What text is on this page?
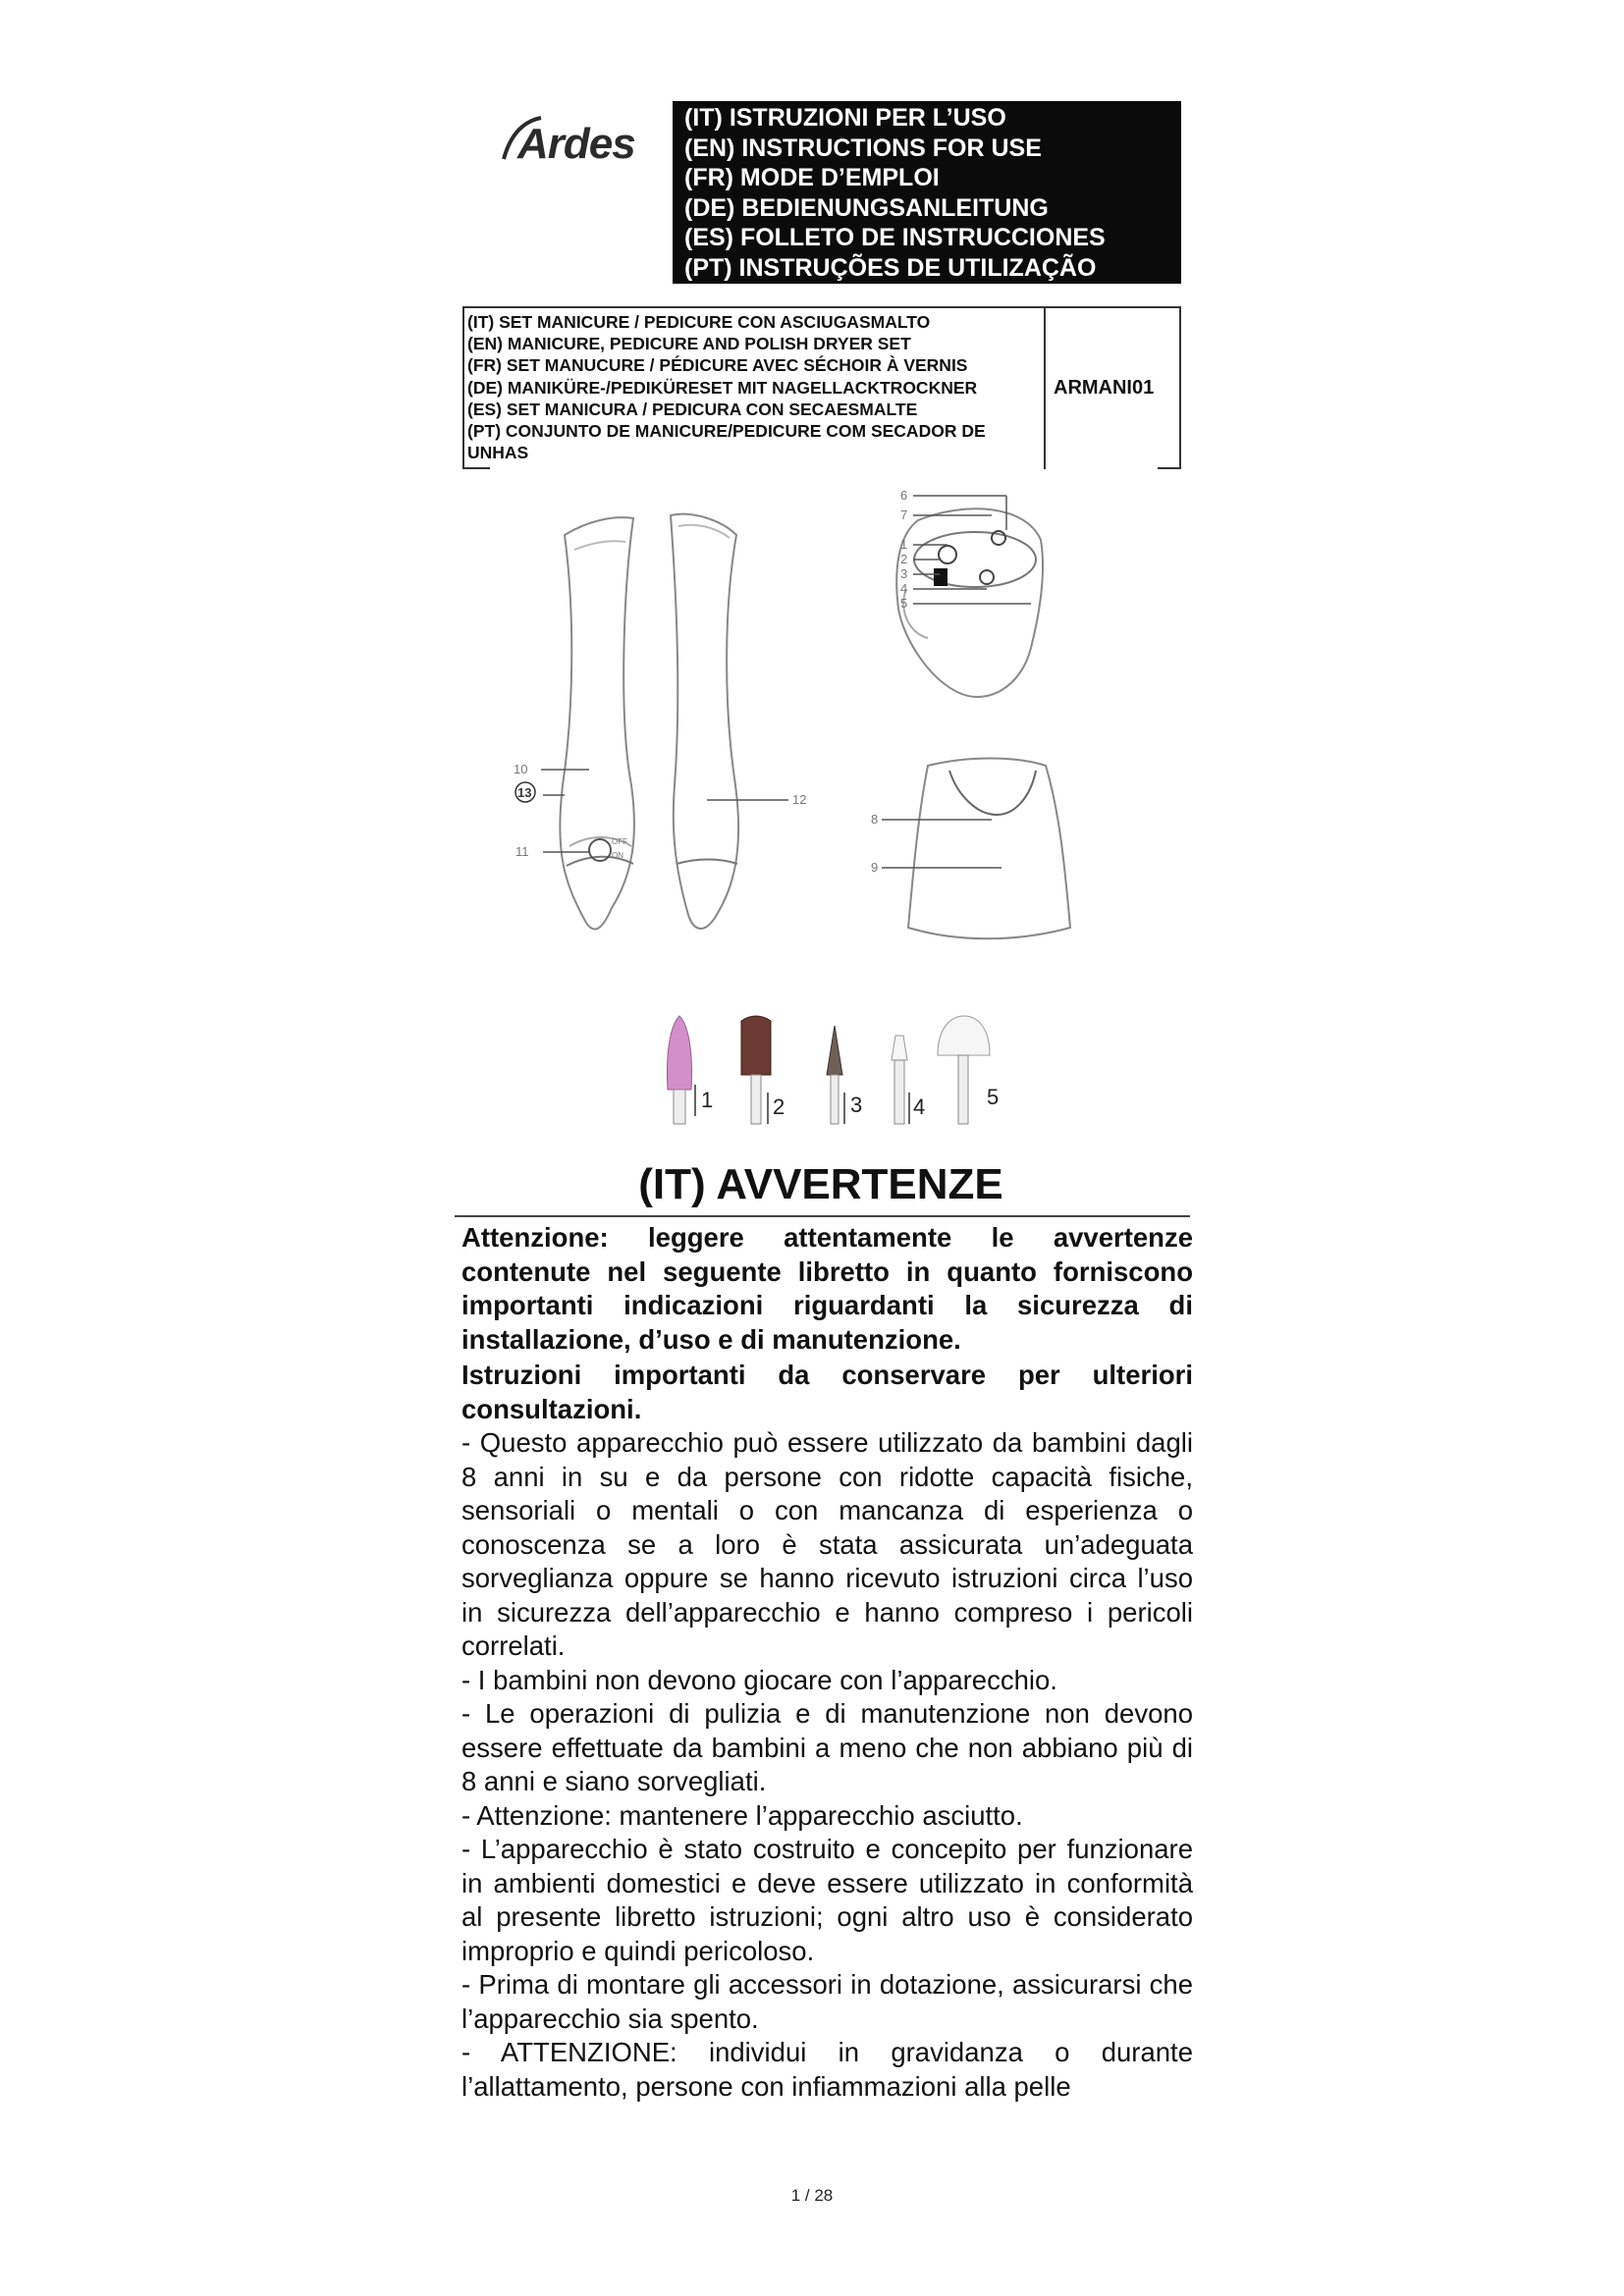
Ardes
(IT) ISTRUZIONI PER L’USO
(EN) INSTRUCTIONS FOR USE
(FR) MODE D’EMPLOI
(DE) BEDIENUNGSANLEITUNG
(ES) FOLLETO DE INSTRUCCIONES
(PT) INSTRUÇÕES DE UTILIZAÇÃO
(IT) SET MANICURE / PEDICURE CON ASCIUGASMALTO
(EN) MANICURE, PEDICURE AND POLISH DRYER SET
(FR) SET MANUCURE / PÉDICURE AVEC SÉCHOIR À VERNIS
(DE) MANIKÜRE-/PEDIKÜRESET MIT NAGELLACKTROCKNER
(ES) SET MANICURA / PEDICURA CON SECAESMALTE
(PT) CONJUNTO DE MANICURE/PEDICURE COM SECADOR DE
UNHAS
ARMANI01
6
7
1
2
3
4
5
10
11
12
8
9
OFF
ON
13
1	2	3 4	5
(IT) AVVERTENZE

Attenzione: leggere attentamente le avvertenze contenute nel seguente libretto in quanto forniscono importanti indicazioni riguardanti la sicurezza di installazione, d’uso e di manutenzione.

Istruzioni importanti da conservare per ulteriori consultazioni.

- Questo apparecchio può essere utilizzato da bambini dagli 8 anni in su e da persone con ridotte capacità fisiche, sensoriali o mentali o con mancanza di esperienza o conoscenza se a loro è stata assicurata un’adeguata sorveglianza oppure se hanno ricevuto istruzioni circa l’uso in sicurezza dell’apparecchio e hanno compreso i pericoli correlati.

- I bambini non devono giocare con l’apparecchio.

- Le operazioni di pulizia e di manutenzione non devono essere effettuate da bambini a meno che non abbiano più di 8 anni e siano sorvegliati.

- Attenzione: mantenere l’apparecchio asciutto.

- L’apparecchio è stato costruito e concepito per funzionare in ambienti domestici e deve essere utilizzato in conformità al presente libretto istruzioni; ogni altro uso è considerato improprio e quindi pericoloso.

- Prima di montare gli accessori in dotazione, assicurarsi che l’apparecchio sia spento.

- ATTENZIONE: individui in gravidanza o durante l’allattamento, persone con infiammazioni alla pelle

1 / 28
